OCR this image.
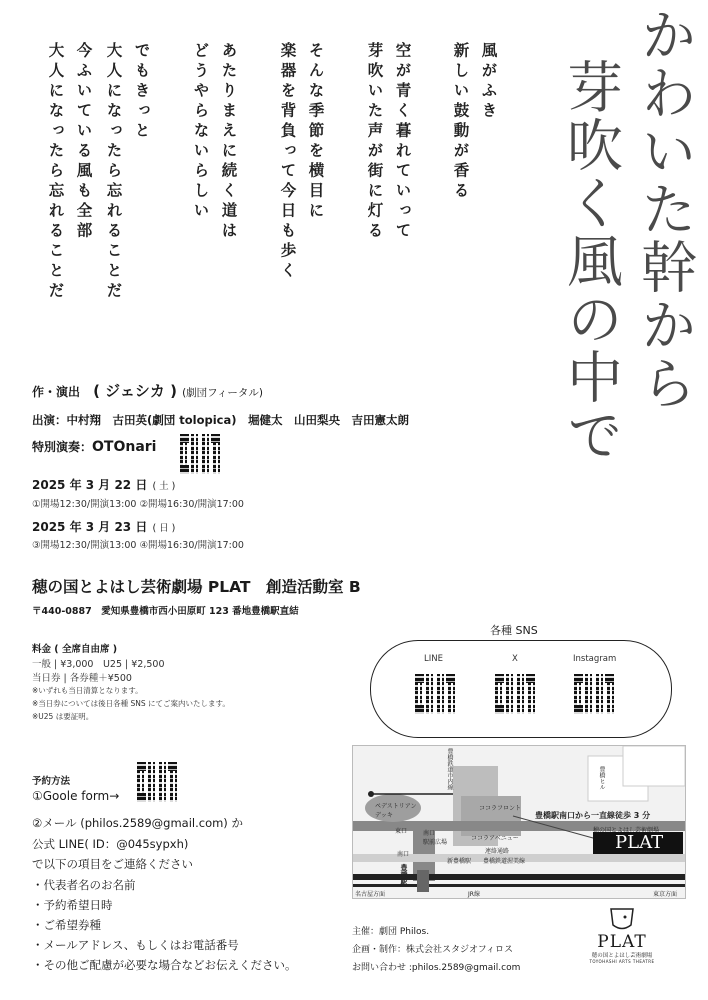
かわいた幹から
芽吹く風の中で
風がふき
新しい鼓動が香る
空が青く暮れていって
芽吹いた声が街に灯る
そんな季節を横目に
楽器を背負って今日も歩く
あたりまえに続く道は
どうやらないらしい
でもきっと
大人になったら忘れることだ
今ふいている風も全部
大人になったら忘れることだ
作・演出 ( ジェシカ ) (劇団フィータル)
出演：中村翔　古田英(劇団 tolopica)　堀健太　山田梨央　吉田憲太朗
特別演奏：OTOnari
2025 年 3 月 22 日 ( 土 )
①開場12:30/開演13:00 ②開場16:30/開演17:00
2025 年 3 月 23 日 ( 日 )
③開場12:30/開演13:00 ④開場16:30/開演17:00
穂の国とよはし芸術劇場 PLAT　創造活動室 B
〒440-0887　愛知県豊橋市西小田原町 123 番地豊橋駅直結
料金 ( 全席自由席 )
一般 | ¥3,000　U25 | ¥2,500
当日券 | 各券種＋¥500
※いずれも当日清算となります。
※当日券については後日各種 SNS にてご案内いたします。
※U25 は要証明。
各種 SNS
LINE	X	Instagram
予約方法
①Goole form→
②メール (philos.2589@gmail.com) か
公式 LINE( ID：@045sypxh)
で以下の項目をご連絡ください
・代表者名のお名前
・予約希望日時
・ご希望券種
・メールアドレス、もしくはお電話番号
・その他ご配慮が必要な場合などお伝えください。
豊橋駅南口から一直線徒歩 3 分
穂の国とよはし芸術劇場
PLAT
ペデストリアン
デッキ
ココラフロント
ココラアベニュー
東口
南口
南口
駅前広場
連絡通路
新豊橋駅 豊橋鉄道渥美線
豊橋駅
JR線
名古屋方面	東京方面
豊橋鉄道市内線	豊橋ヒル
主催：劇団 Philos.
企画・制作：株式会社スタジオフィロス
お問い合わせ :philos.2589@gmail.com
PLAT
穂の国とよはし芸術劇場
TOYOHASHI ARTS THEATRE
